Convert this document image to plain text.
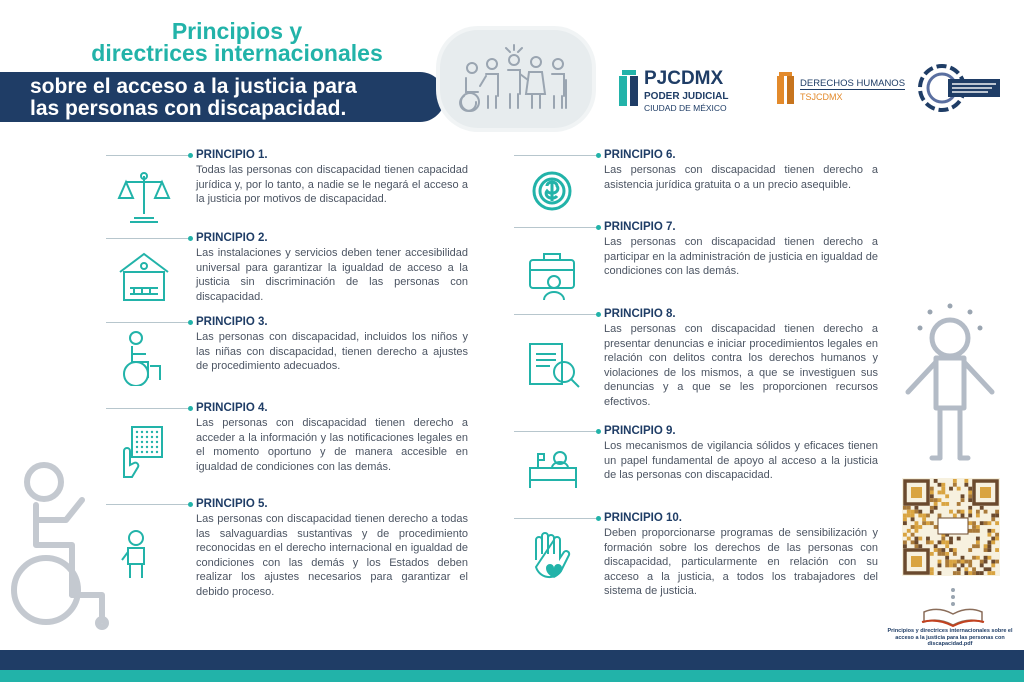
Principios y
directrices internacionales
sobre el acceso a la justicia para
las personas con discapacidad.
PJCDMX
PODER JUDICIAL
CIUDAD DE MÉXICO
DERECHOS HUMANOS
TSJCDMX
PRINCIPIO 1.
Todas las personas con discapacidad tienen capacidad jurídica y, por lo tanto, a nadie se le negará el acceso a la justicia por motivos de discapacidad.
PRINCIPIO 2.
Las instalaciones y servicios deben tener accesibilidad universal para garantizar la igualdad de acceso a la justicia sin discriminación de las personas con discapacidad.
PRINCIPIO 3.
Las personas con discapacidad, incluidos los niños y las niñas con discapacidad, tienen derecho a ajustes de procedimiento adecuados.
PRINCIPIO 4.
Las personas con discapacidad tienen derecho a acceder a la información y las notificaciones legales en el momento oportuno y de manera accesible en igualdad de condiciones con las demás.
PRINCIPIO 5.
Las personas con discapacidad tienen derecho a todas las salvaguardias sustantivas y de procedimiento reconocidas en el derecho internacional en igualdad de condiciones con las demás y los Estados deben realizar los ajustes necesarios para garantizar el debido proceso.
PRINCIPIO 6.
Las personas con discapacidad tienen derecho a asistencia jurídica gratuita o a un precio asequible.
PRINCIPIO 7.
Las personas con discapacidad tienen derecho a participar en la administración de justicia en igualdad de condiciones con las demás.
PRINCIPIO 8.
Las personas con discapacidad tienen derecho a presentar denuncias e iniciar procedimientos legales en relación con delitos contra los derechos humanos y violaciones de los mismos, a que se investiguen sus denuncias y a que se les proporcionen recursos efectivos.
PRINCIPIO 9.
Los mecanismos de vigilancia sólidos y eficaces tienen un papel fundamental de apoyo al acceso a la justicia de las personas con discapacidad.
PRINCIPIO 10.
Deben proporcionarse programas de sensibilización y formación sobre los derechos de las personas con discapacidad, particularmente en relación con su acceso a la justicia, a todos los trabajadores del sistema de justicia.
Principios y directrices internacionales sobre el acceso a la justicia para las personas con discapacidad.pdf
